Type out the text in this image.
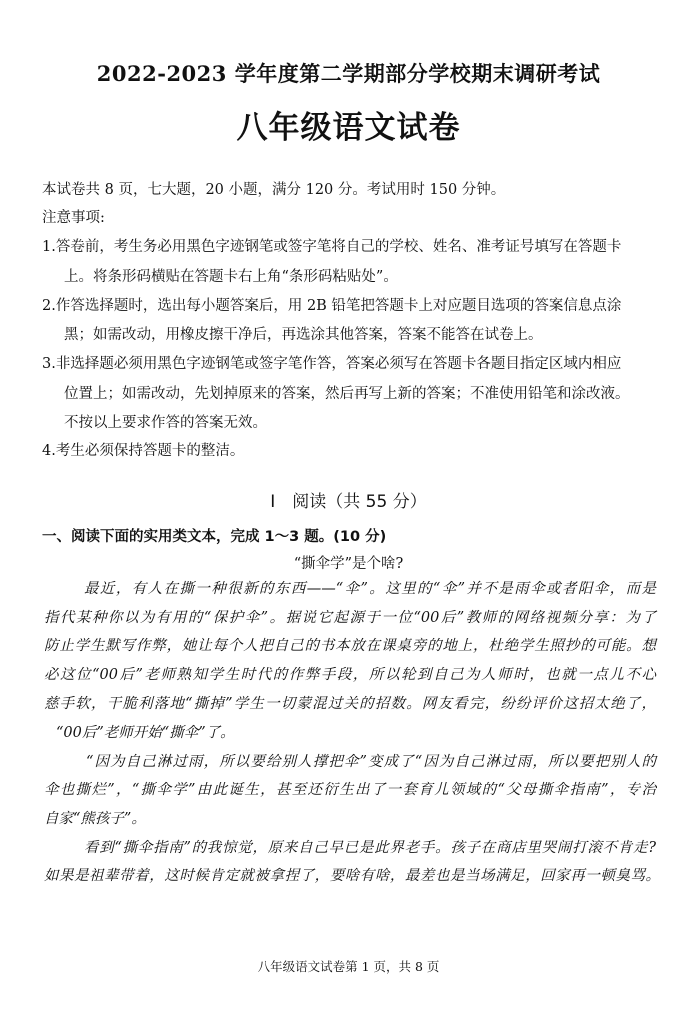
2022-2023 学年度第二学期部分学校期末调研考试
八年级语文试卷
本试卷共 8 页，七大题，20 小题，满分 120 分。考试用时 150 分钟。
注意事项:
1.答卷前，考生务必用黑色字迹钢笔或签字笔将自己的学校、姓名、准考证号填写在答题卡
上。将条形码横贴在答题卡右上角“条形码粘贴处”。
2.作答选择题时，选出每小题答案后，用 2B 铅笔把答题卡上对应题目选项的答案信息点涂
黑；如需改动，用橡皮擦干净后，再选涂其他答案，答案不能答在试卷上。
3.非选择题必须用黑色字迹钢笔或签字笔作答，答案必须写在答题卡各题目指定区域内相应
位置上；如需改动，先划掉原来的答案，然后再写上新的答案；不准使用铅笔和涂改液。
不按以上要求作答的答案无效。
4.考生必须保持答题卡的整洁。
Ⅰ　阅读（共 55 分）
一、阅读下面的实用类文本，完成 1～3 题。(10 分)
“撕伞学”是个啥?
最近，有人在撕一种很新的东西——“伞”。这里的“伞”并不是雨伞或者阳伞，而是
指代某种你以为有用的“保护伞”。据说它起源于一位“00后”教师的网络视频分享：为了
防止学生默写作弊，她让每个人把自己的书本放在课桌旁的地上，杜绝学生照抄的可能。想
必这位“00后”老师熟知学生时代的作弊手段，所以轮到自己为人师时，也就一点儿不心
慈手软，干脆利落地“撕掉”学生一切蒙混过关的招数。网友看完，纷纷评价这招太绝了，
“00后”老师开始“撕伞”了。
“因为自己淋过雨，所以要给别人撑把伞”变成了“因为自己淋过雨，所以要把别人的
伞也撕烂”，“撕伞学”由此诞生，甚至还衍生出了一套育儿领域的“父母撕伞指南”，专治
自家“熊孩子”。
看到“撕伞指南”的我惊觉，原来自己早已是此界老手。孩子在商店里哭闹打滚不肯走?
如果是祖辈带着，这时候肯定就被拿捏了，要啥有啥，最差也是当场满足，回家再一顿臭骂。
八年级语文试卷第 1 页，共 8 页
